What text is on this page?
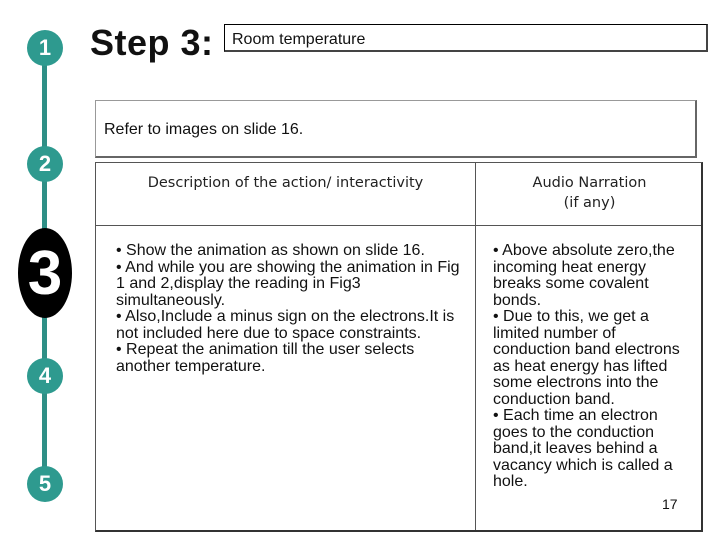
1
2
3
4
5
Step 3: Room temperature
Refer to images on slide 16.
Description of the action/ interactivity	Audio Narration
(if any)
• Show the animation as shown on slide 16.
• And while you are showing the animation in Fig 1 and 2,display the reading in Fig3 simultaneously.
• Also,Include a minus sign on the electrons.It is not included here due to space constraints.
• Repeat the animation till the user selects another temperature.
• Above absolute zero,the incoming heat energy breaks some covalent bonds.
• Due to this, we get a limited number of conduction band electrons as heat energy has lifted some electrons into the conduction band.
• Each time an electron goes to the conduction band,it leaves behind a vacancy which is called a hole.
17
